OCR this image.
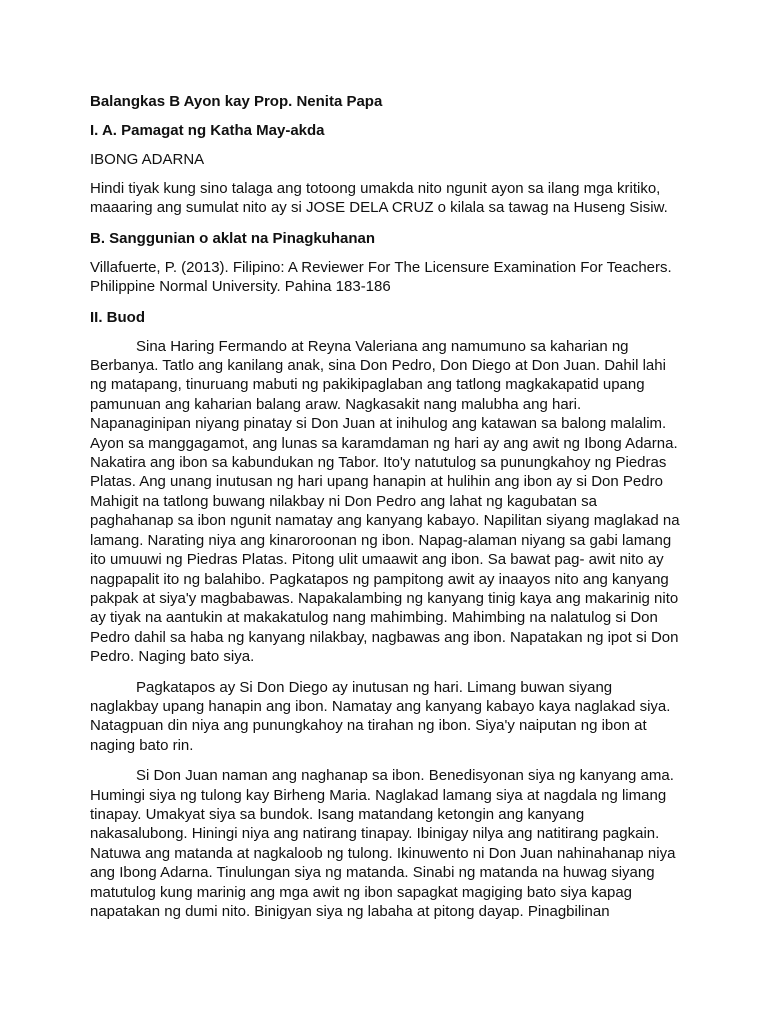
Balangkas B Ayon kay Prop. Nenita Papa

I. A. Pamagat ng Katha May-akda

IBONG ADARNA

Hindi tiyak kung sino talaga ang totoong umakda nito ngunit ayon sa ilang mga kritiko, maaaring ang sumulat nito ay si JOSE DELA CRUZ o kilala sa tawag na Huseng Sisiw.

B. Sanggunian o aklat na Pinagkuhanan

Villafuerte, P. (2013). Filipino: A Reviewer For The Licensure Examination For Teachers. Philippine Normal University. Pahina 183-186

II. Buod

Sina Haring Fermando at Reyna Valeriana ang namumuno sa kaharian ng Berbanya. Tatlo ang kanilang anak, sina Don Pedro, Don Diego at Don Juan. Dahil lahi ng matapang, tinuruang mabuti ng pakikipaglaban ang tatlong magkakapatid upang pamunuan ang kaharian balang araw. Nagkasakit nang malubha ang hari. Napanaginipan niyang pinatay si Don Juan at inihulog ang katawan sa balong malalim. Ayon sa manggagamot, ang lunas sa karamdaman ng hari ay ang awit ng Ibong Adarna. Nakatira ang ibon sa kabundukan ng Tabor. Ito'y natutulog sa punungkahoy ng Piedras Platas. Ang unang inutusan ng hari upang hanapin at hulihin ang ibon ay si Don Pedro Mahigit na tatlong buwang nilakbay ni Don Pedro ang lahat ng kagubatan sa paghahanap sa ibon ngunit namatay ang kanyang kabayo. Napilitan siyang maglakad na lamang. Narating niya ang kinaroroonan ng ibon. Napag-alaman niyang sa gabi lamang ito umuuwi ng Piedras Platas. Pitong ulit umaawit ang ibon. Sa bawat pag- awit nito ay nagpapalit ito ng balahibo. Pagkatapos ng pampitong awit ay inaayos nito ang kanyang pakpak at siya'y magbabawas. Napakalambing ng kanyang tinig kaya ang makarinig nito ay tiyak na aantukin at makakatulog nang mahimbing. Mahimbing na nalatulog si Don Pedro dahil sa haba ng kanyang nilakbay, nagbawas ang ibon. Napatakan ng ipot si Don Pedro. Naging bato siya.

Pagkatapos ay Si Don Diego ay inutusan ng hari. Limang buwan siyang naglakbay upang hanapin ang ibon. Namatay ang kanyang kabayo kaya naglakad siya. Natagpuan din niya ang punungkahoy na tirahan ng ibon. Siya'y naiputan ng ibon at naging bato rin.

Si Don Juan naman ang naghanap sa ibon. Benedisyonan siya ng kanyang ama. Humingi siya ng tulong kay Birheng Maria. Naglakad lamang siya at nagdala ng limang tinapay. Umakyat siya sa bundok. Isang matandang ketongin ang kanyang nakasalubong. Hiningi niya ang natirang tinapay. Ibinigay nilya ang natitirang pagkain. Natuwa ang matanda at nagkaloob ng tulong. Ikinuwento ni Don Juan nahinahanap niya ang Ibong Adarna. Tinulungan siya ng matanda. Sinabi ng matanda na huwag siyang matutulog kung marinig ang mga awit ng ibon sapagkat magiging bato siya kapag napatakan ng dumi nito. Binigyan siya ng labaha at pitong dayap. Pinagbilinan
